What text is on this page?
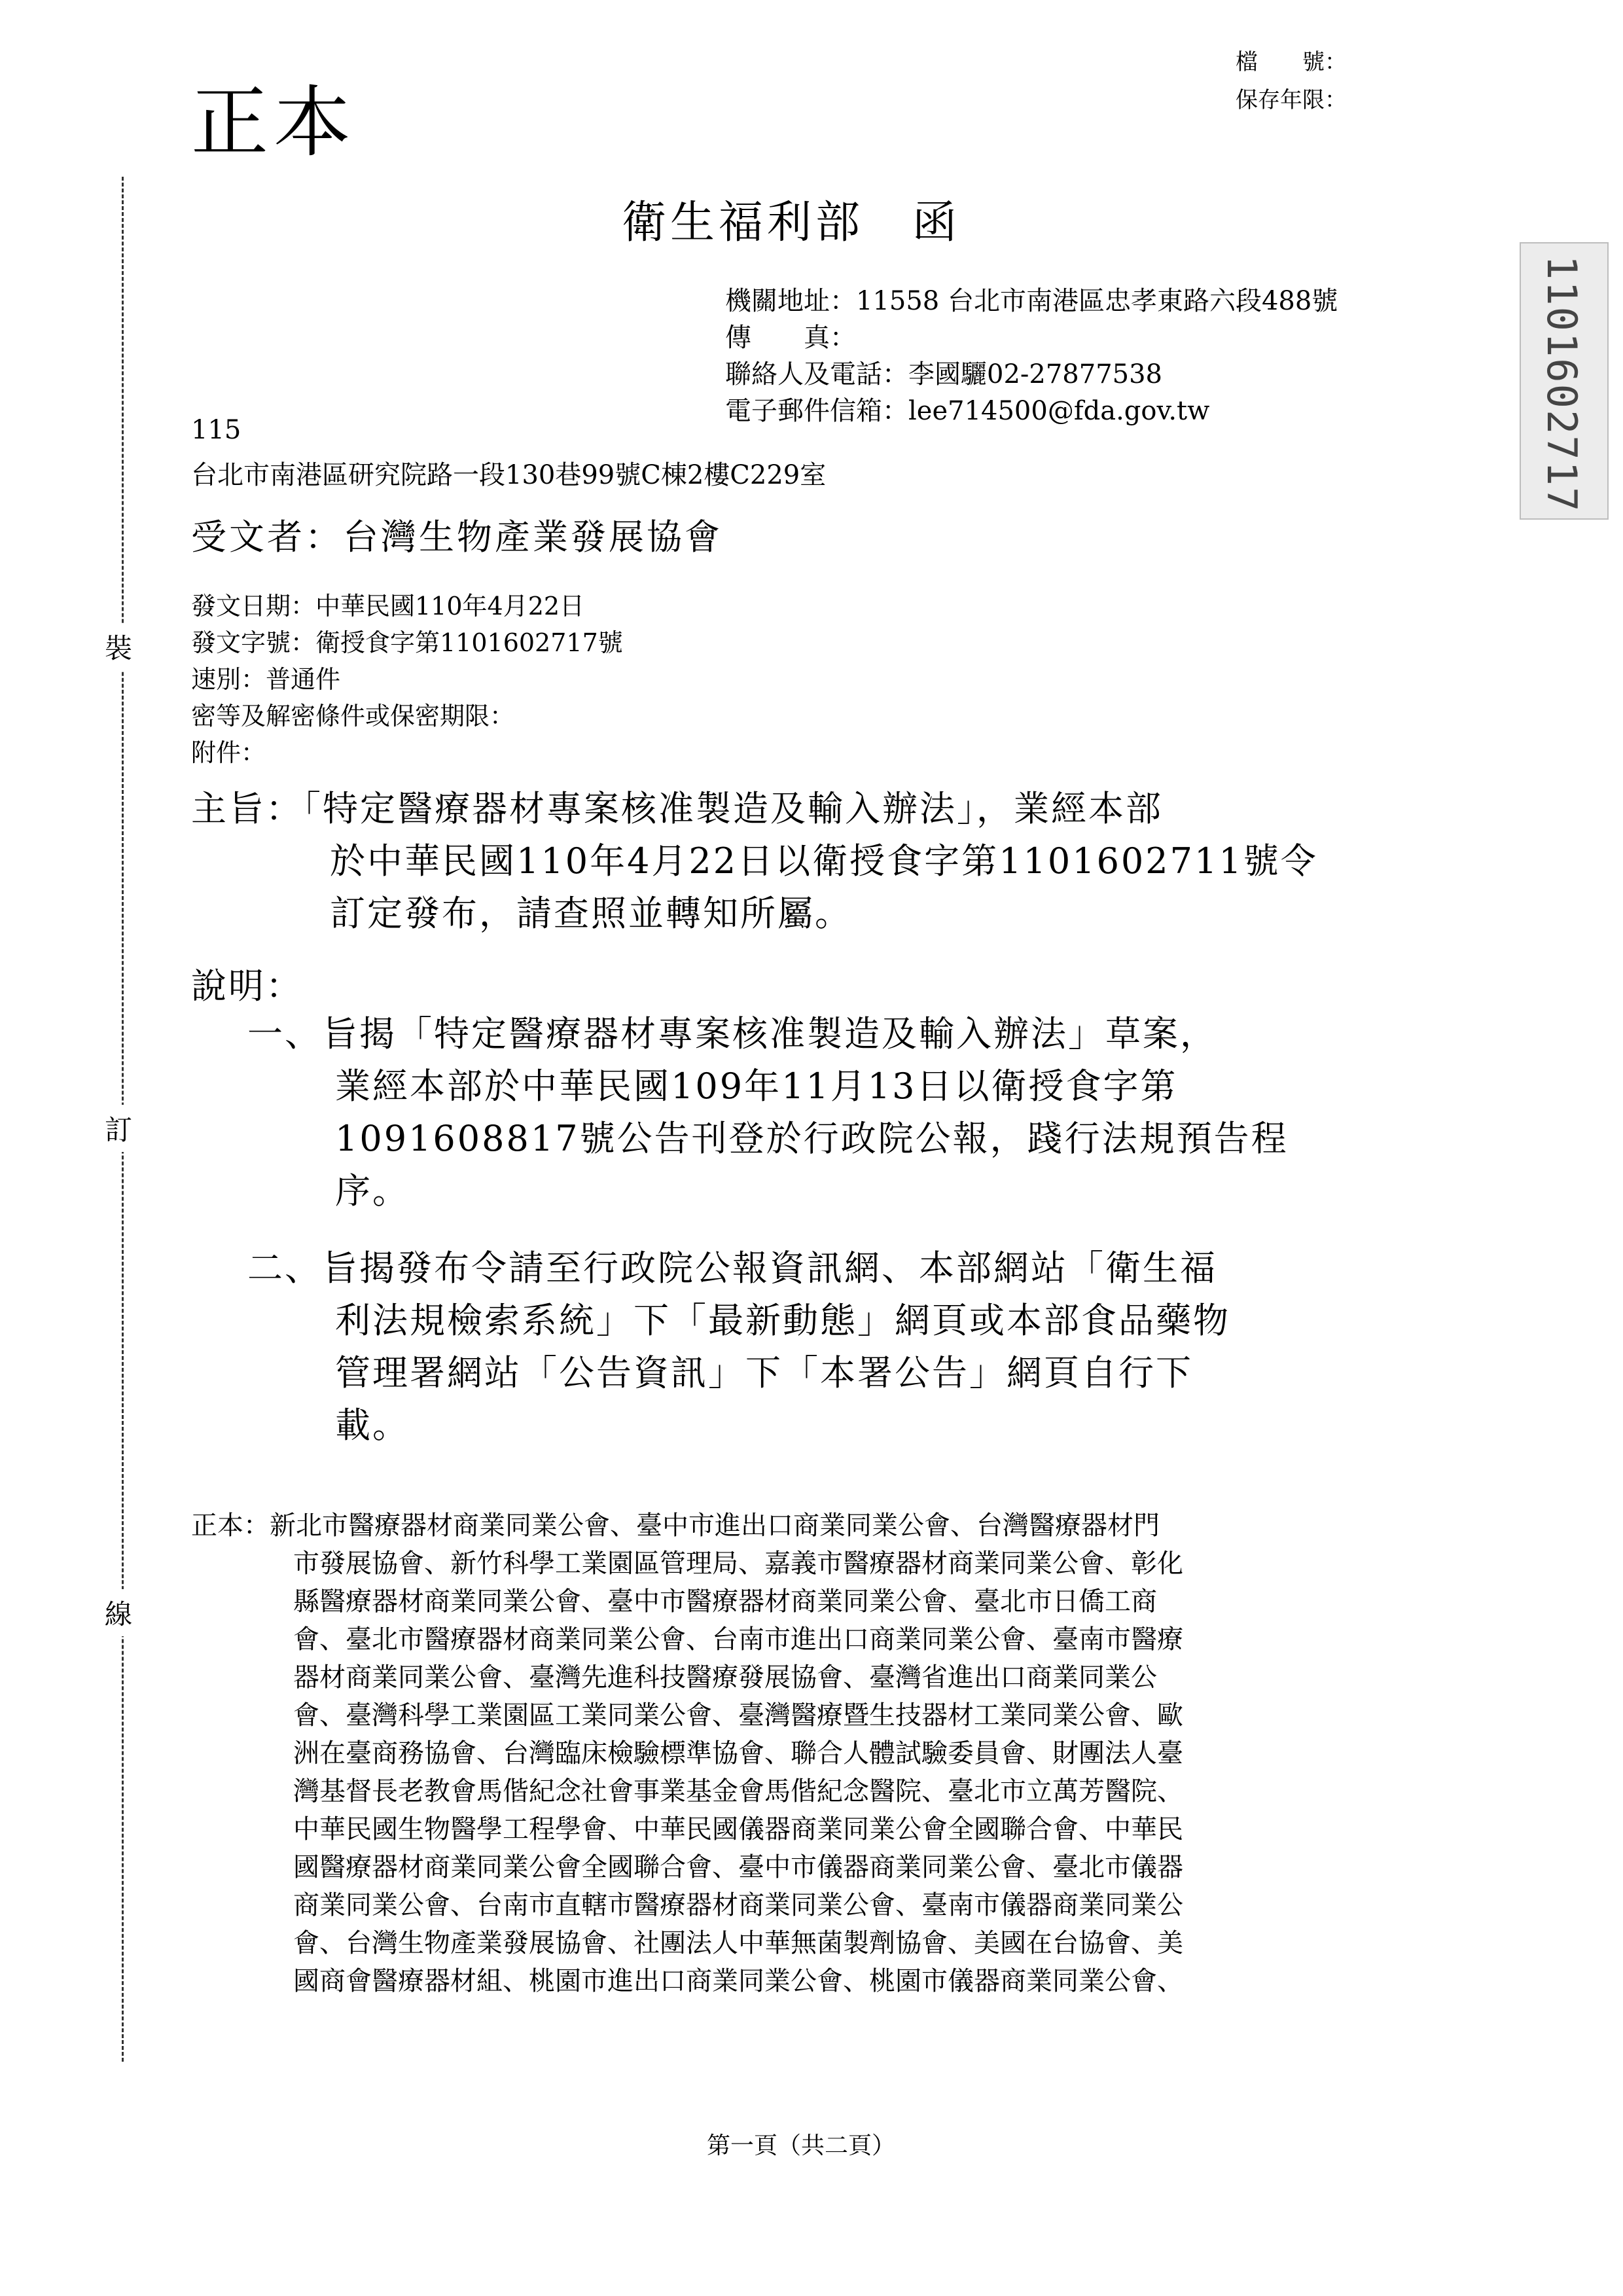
正本
檔　　號：
保存年限：
衛生福利部　函
機關地址：11558 台北市南港區忠孝東路六段488號
傳　　真：
聯絡人及電話：李國驪02-27877538
電子郵件信箱：lee714500@fda.gov.tw	1101602717
115
台北市南港區研究院路一段130巷99號C棟2樓C229室
受文者：台灣生物產業發展協會
發文日期：中華民國110年4月22日
發文字號：衛授食字第1101602717號
速別：普通件
密等及解密條件或保密期限：
附件：
主旨：「特定醫療器材專案核准製造及輸入辦法」，業經本部
於中華民國110年4月22日以衛授食字第1101602711號令
訂定發布，請查照並轉知所屬。
說明：
一、旨揭「特定醫療器材專案核准製造及輸入辦法」草案，
業經本部於中華民國109年11月13日以衛授食字第
1091608817號公告刊登於行政院公報，踐行法規預告程
序。
二、旨揭發布令請至行政院公報資訊網、本部網站「衛生福
利法規檢索系統」下「最新動態」網頁或本部食品藥物
管理署網站「公告資訊」下「本署公告」網頁自行下
載。
正本：新北市醫療器材商業同業公會、臺中市進出口商業同業公會、台灣醫療器材門
市發展協會、新竹科學工業園區管理局、嘉義市醫療器材商業同業公會、彰化
縣醫療器材商業同業公會、臺中市醫療器材商業同業公會、臺北市日僑工商
會、臺北市醫療器材商業同業公會、台南市進出口商業同業公會、臺南市醫療
器材商業同業公會、臺灣先進科技醫療發展協會、臺灣省進出口商業同業公
會、臺灣科學工業園區工業同業公會、臺灣醫療暨生技器材工業同業公會、歐
洲在臺商務協會、台灣臨床檢驗標準協會、聯合人體試驗委員會、財團法人臺
灣基督長老教會馬偕紀念社會事業基金會馬偕紀念醫院、臺北市立萬芳醫院、
中華民國生物醫學工程學會、中華民國儀器商業同業公會全國聯合會、中華民
國醫療器材商業同業公會全國聯合會、臺中市儀器商業同業公會、臺北市儀器
商業同業公會、台南市直轄市醫療器材商業同業公會、臺南市儀器商業同業公
會、台灣生物產業發展協會、社團法人中華無菌製劑協會、美國在台協會、美
國商會醫療器材組、桃園市進出口商業同業公會、桃園市儀器商業同業公會、
裝
訂
線
第一頁（共二頁）
